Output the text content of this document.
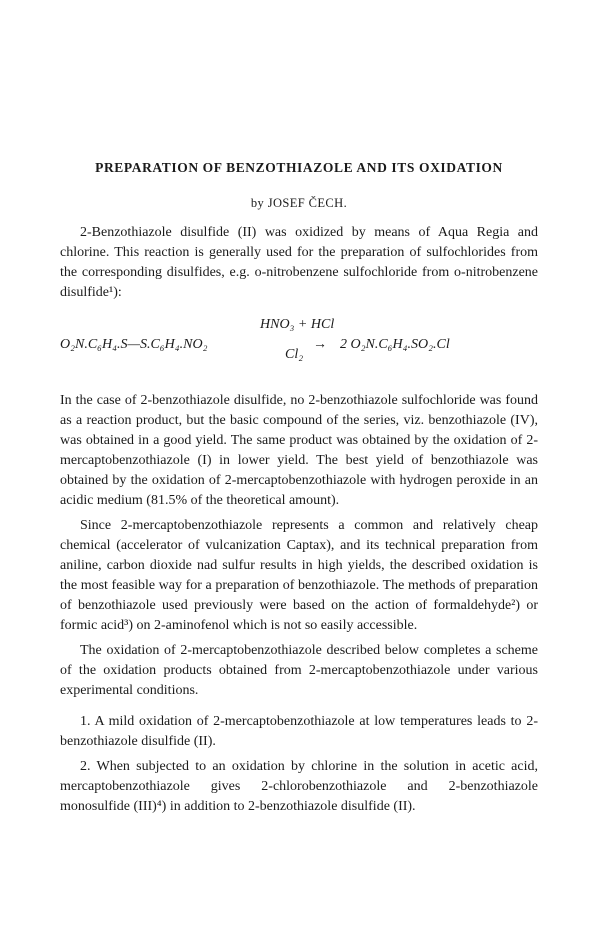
PREPARATION OF BENZOTHIAZOLE AND ITS OXIDATION
by JOSEF ČECH.

2-Benzothiazole disulfide (II) was oxidized by means of Aqua Regia and chlorine. This reaction is generally used for the preparation of sulfochlorides from the corresponding disulfides, e.g. o-nitrobenzene sulfochloride from o-nitrobenzene disulfide¹):

O₂N.C₆H₄.S—S.C₆H₄.NO₂
HNO₃ + HCl
Cl₂
→ 2 O₂N.C₆H₄.SO₂.Cl

In the case of 2-benzothiazole disulfide, no 2-benzothiazole sulfochloride was found as a reaction product, but the basic compound of the series, viz. benzothiazole (IV), was obtained in a good yield. The same product was obtained by the oxidation of 2-mercaptobenzothiazole (I) in lower yield. The best yield of benzothiazole was obtained by the oxidation of 2-mercaptobenzothiazole with hydrogen peroxide in an acidic medium (81.5% of the theoretical amount).

Since 2-mercaptobenzothiazole represents a common and relatively cheap chemical (accelerator of vulcanization Captax), and its technical preparation from aniline, carbon dioxide nad sulfur results in high yields, the described oxidation is the most feasible way for a preparation of benzothiazole. The methods of preparation of benzothiazole used previously were based on the action of formaldehyde²) or formic acid³) on 2-aminofenol which is not so easily accessible.

The oxidation of 2-mercaptobenzothiazole described below completes a scheme of the oxidation products obtained from 2-mercaptobenzothiazole under various experimental conditions.

1. A mild oxidation of 2-mercaptobenzothiazole at low temperatures leads to 2-benzothiazole disulfide (II).

2. When subjected to an oxidation by chlorine in the solution in acetic acid, mercaptobenzothiazole gives 2-chlorobenzothiazole and 2-benzothiazole monosulfide (III)⁴) in addition to 2-benzothiazole disulfide (II).
